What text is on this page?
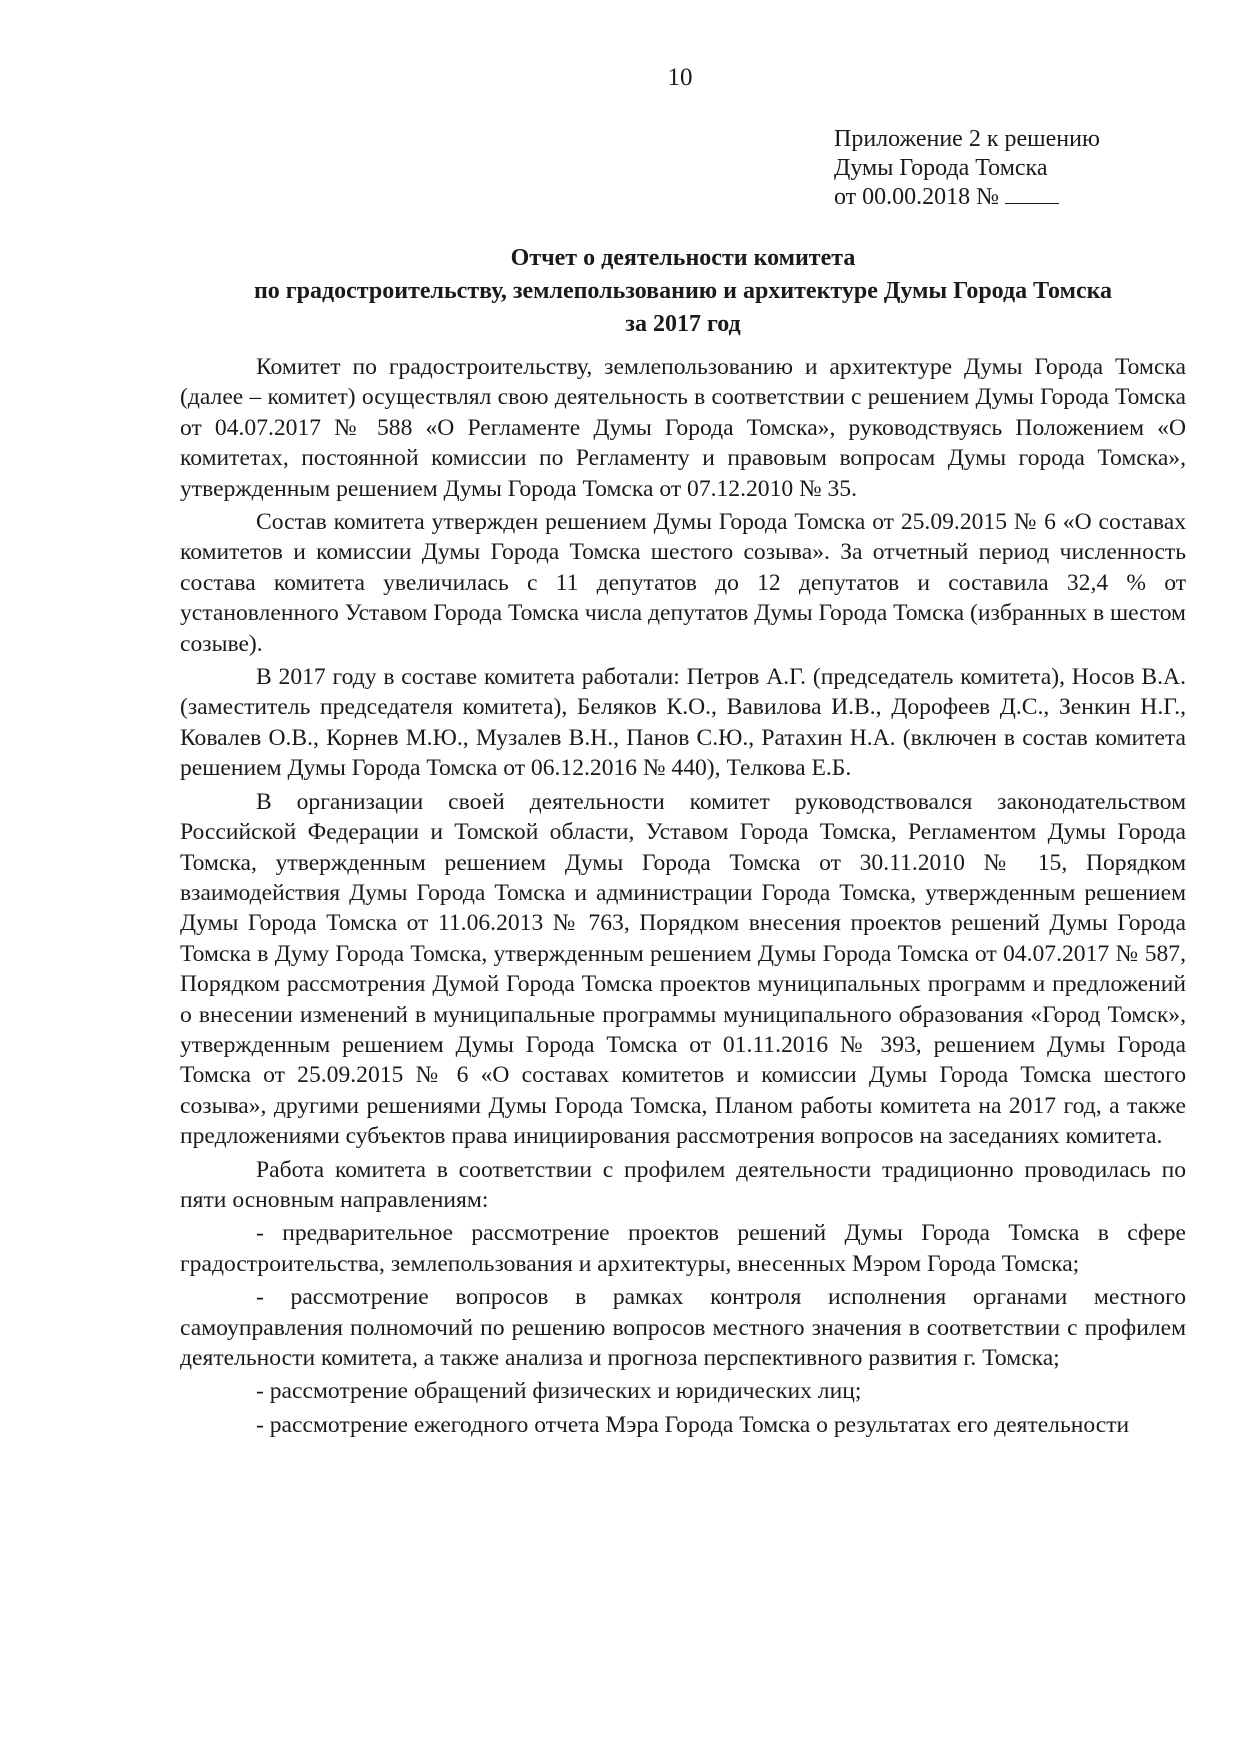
10
Приложение 2 к решению
Думы Города Томска
от 00.00.2018 №
Отчет о деятельности комитета
по градостроительству, землепользованию и архитектуре Думы Города Томска
за 2017 год

Комитет по градостроительству, землепользованию и архитектуре Думы Города Томска (далее – комитет) осуществлял свою деятельность в соответствии с решением Думы Города Томска от 04.07.2017 № 588 «О Регламенте Думы Города Томска», руководствуясь Положением «О комитетах, постоянной комиссии по Регламенту и правовым вопросам Думы города Томска», утвержденным решением Думы Города Томска от 07.12.2010 № 35.

Состав комитета утвержден решением Думы Города Томска от 25.09.2015 № 6 «О составах комитетов и комиссии Думы Города Томска шестого созыва». За отчетный период численность состава комитета увеличилась с 11 депутатов до 12 депутатов и составила 32,4 % от установленного Уставом Города Томска числа депутатов Думы Города Томска (избранных в шестом созыве).

В 2017 году в составе комитета работали: Петров А.Г. (председатель комитета), Носов В.А. (заместитель председателя комитета), Беляков К.О., Вавилова И.В., Дорофеев Д.С., Зенкин Н.Г., Ковалев О.В., Корнев М.Ю., Музалев В.Н., Панов С.Ю., Ратахин Н.А. (включен в состав комитета решением Думы Города Томска от 06.12.2016 № 440), Телкова Е.Б.

В организации своей деятельности комитет руководствовался законодательством Российской Федерации и Томской области, Уставом Города Томска, Регламентом Думы Города Томска, утвержденным решением Думы Города Томска от 30.11.2010 № 15, Порядком взаимодействия Думы Города Томска и администрации Города Томска, утвержденным решением Думы Города Томска от 11.06.2013 № 763, Порядком внесения проектов решений Думы Города Томска в Думу Города Томска, утвержденным решением Думы Города Томска от 04.07.2017 № 587, Порядком рассмотрения Думой Города Томска проектов муниципальных программ и предложений о внесении изменений в муниципальные программы муниципального образования «Город Томск», утвержденным решением Думы Города Томска от 01.11.2016 № 393, решением Думы Города Томска от 25.09.2015 № 6 «О составах комитетов и комиссии Думы Города Томска шестого созыва», другими решениями Думы Города Томска, Планом работы комитета на 2017 год, а также предложениями субъектов права инициирования рассмотрения вопросов на заседаниях комитета.

Работа комитета в соответствии с профилем деятельности традиционно проводилась по пяти основным направлениям:

- предварительное рассмотрение проектов решений Думы Города Томска в сфере градостроительства, землепользования и архитектуры, внесенных Мэром Города Томска;

- рассмотрение вопросов в рамках контроля исполнения органами местного самоуправления полномочий по решению вопросов местного значения в соответствии с профилем деятельности комитета, а также анализа и прогноза перспективного развития г. Томска;

- рассмотрение обращений физических и юридических лиц;

- рассмотрение ежегодного отчета Мэра Города Томска о результатах его деятельности
